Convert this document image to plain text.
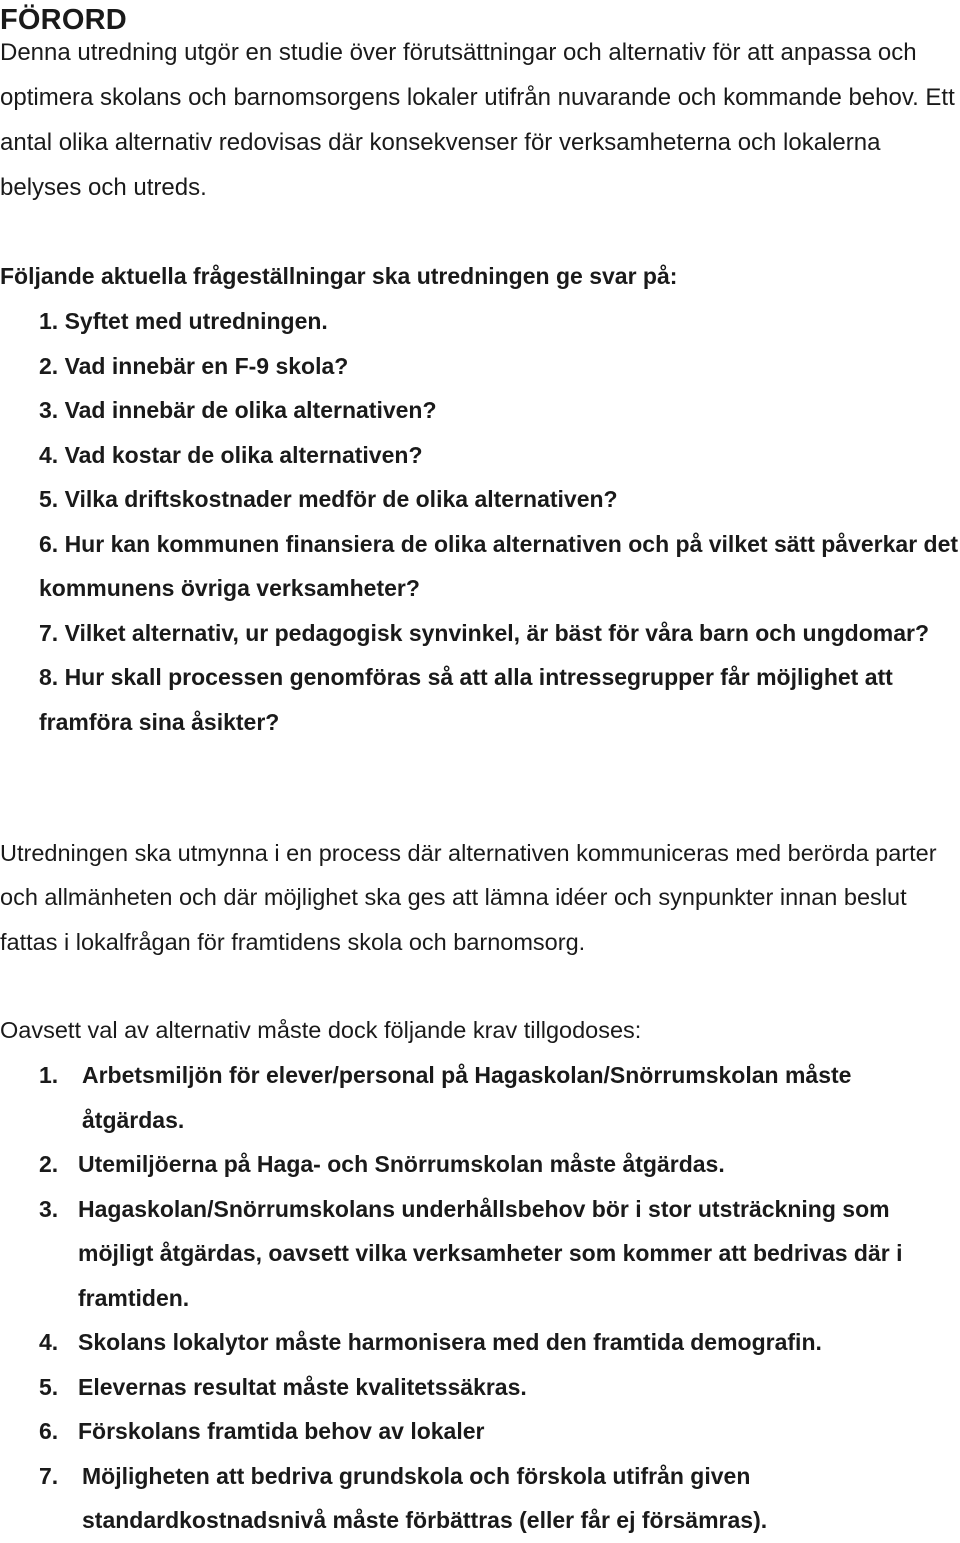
FÖRORD

Denna utredning utgör en studie över förutsättningar och alternativ för att anpassa och optimera skolans och barnomsorgens lokaler utifrån nuvarande och kommande behov. Ett antal olika alternativ redovisas där konsekvenser för verksamheterna och lokalerna belyses och utreds.

Följande aktuella frågeställningar ska utredningen ge svar på:

1. Syftet med utredningen.
2. Vad innebär en F-9 skola?
3. Vad innebär de olika alternativen?
4. Vad kostar de olika alternativen?
5. Vilka driftskostnader medför de olika alternativen?
6. Hur kan kommunen finansiera de olika alternativen och på vilket sätt påverkar det kommunens övriga verksamheter?
7. Vilket alternativ, ur pedagogisk synvinkel, är bäst för våra barn och ungdomar?
8. Hur skall processen genomföras så att alla intressegrupper får möjlighet att framföra sina åsikter?

Utredningen ska utmynna i en process där alternativen kommuniceras med berörda parter och allmänheten och där möjlighet ska ges att lämna idéer och synpunkter innan beslut fattas i lokalfrågan för framtidens skola och barnomsorg.

Oavsett val av alternativ måste dock följande krav tillgodoses:

1.	Arbetsmiljön för elever/personal på Hagaskolan/Snörrumskolan måste åtgärdas.
2. Utemiljöerna på Haga- och Snörrumskolan måste åtgärdas.
3. Hagaskolan/Snörrumskolans underhållsbehov bör i stor utsträckning som möjligt åtgärdas, oavsett vilka verksamheter som kommer att bedrivas där i framtiden.
4. Skolans lokalytor måste harmonisera med den framtida demografin.
5. Elevernas resultat måste kvalitetssäkras.
6. Förskolans framtida behov av lokaler
7.	Möjligheten att bedriva grundskola och förskola utifrån given standardkostnadsnivå måste förbättras (eller får ej försämras).
